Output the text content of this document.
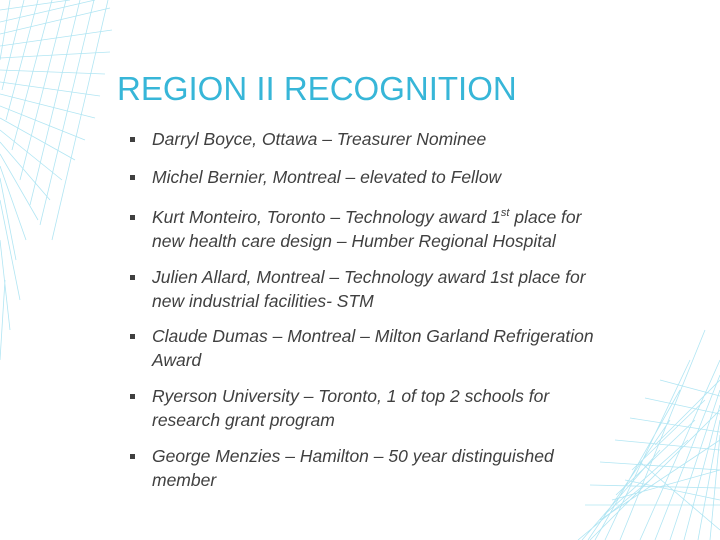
REGION II RECOGNITION
Darryl Boyce, Ottawa – Treasurer Nominee
Michel Bernier, Montreal – elevated to Fellow
Kurt Monteiro, Toronto – Technology award 1st place for new health care design – Humber Regional Hospital
Julien Allard, Montreal – Technology award 1st place for new industrial facilities- STM
Claude Dumas – Montreal – Milton Garland Refrigeration Award
Ryerson University – Toronto, 1 of top 2 schools for research grant program
George Menzies – Hamilton – 50 year distinguished member
